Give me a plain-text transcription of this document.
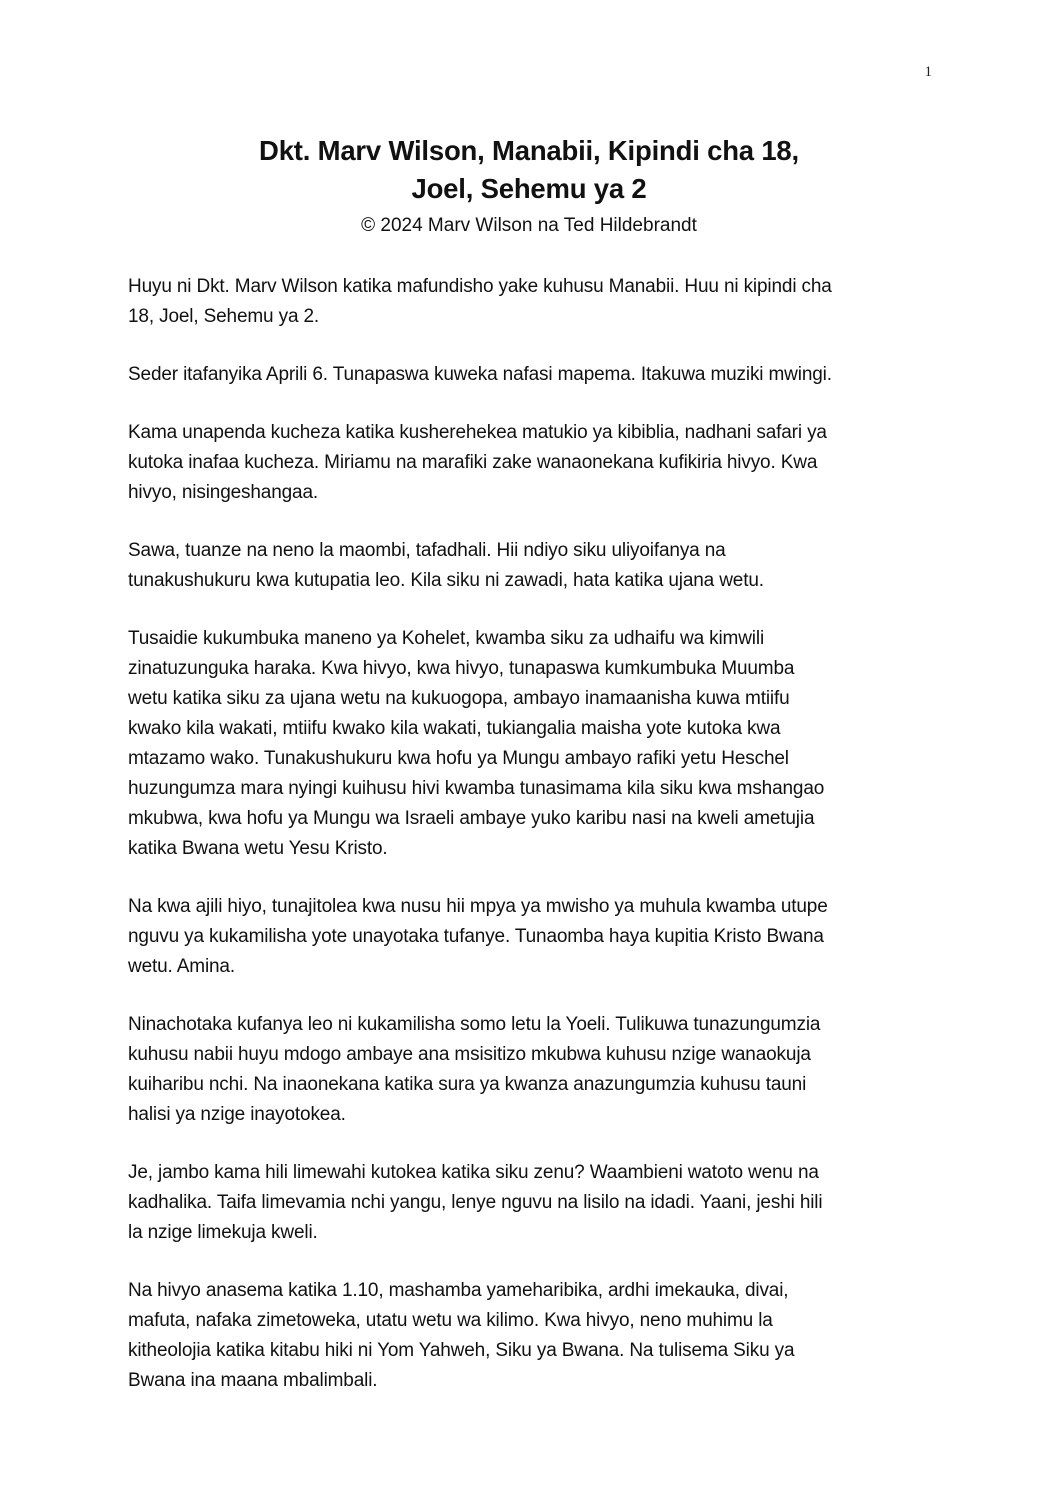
1
Dkt. Marv Wilson, Manabii, Kipindi cha 18,
Joel, Sehemu ya 2
© 2024 Marv Wilson na Ted Hildebrandt

Huyu ni Dkt. Marv Wilson katika mafundisho yake kuhusu Manabii. Huu ni kipindi cha
18, Joel, Sehemu ya 2.

Seder itafanyika Aprili 6. Tunapaswa kuweka nafasi mapema. Itakuwa muziki mwingi.

Kama unapenda kucheza katika kusherehekea matukio ya kibiblia, nadhani safari ya
kutoka inafaa kucheza. Miriamu na marafiki zake wanaonekana kufikiria hivyo. Kwa
hivyo, nisingeshangaa.

Sawa, tuanze na neno la maombi, tafadhali. Hii ndiyo siku uliyoifanya na
tunakushukuru kwa kutupatia leo. Kila siku ni zawadi, hata katika ujana wetu.

Tusaidie kukumbuka maneno ya Kohelet, kwamba siku za udhaifu wa kimwili
zinatuzunguka haraka. Kwa hivyo, kwa hivyo, tunapaswa kumkumbuka Muumba
wetu katika siku za ujana wetu na kukuogopa, ambayo inamaanisha kuwa mtiifu
kwako kila wakati, mtiifu kwako kila wakati, tukiangalia maisha yote kutoka kwa
mtazamo wako. Tunakushukuru kwa hofu ya Mungu ambayo rafiki yetu Heschel
huzungumza mara nyingi kuihusu hivi kwamba tunasimama kila siku kwa mshangao
mkubwa, kwa hofu ya Mungu wa Israeli ambaye yuko karibu nasi na kweli ametujia
katika Bwana wetu Yesu Kristo.

Na kwa ajili hiyo, tunajitolea kwa nusu hii mpya ya mwisho ya muhula kwamba utupe
nguvu ya kukamilisha yote unayotaka tufanye. Tunaomba haya kupitia Kristo Bwana
wetu. Amina.

Ninachotaka kufanya leo ni kukamilisha somo letu la Yoeli. Tulikuwa tunazungumzia
kuhusu nabii huyu mdogo ambaye ana msisitizo mkubwa kuhusu nzige wanaokuja
kuiharibu nchi. Na inaonekana katika sura ya kwanza anazungumzia kuhusu tauni
halisi ya nzige inayotokea.

Je, jambo kama hili limewahi kutokea katika siku zenu? Waambieni watoto wenu na
kadhalika. Taifa limevamia nchi yangu, lenye nguvu na lisilo na idadi. Yaani, jeshi hili
la nzige limekuja kweli.

Na hivyo anasema katika 1.10, mashamba yameharibika, ardhi imekauka, divai,
mafuta, nafaka zimetoweka, utatu wetu wa kilimo. Kwa hivyo, neno muhimu la
kitheolojia katika kitabu hiki ni Yom Yahweh, Siku ya Bwana. Na tulisema Siku ya
Bwana ina maana mbalimbali.
